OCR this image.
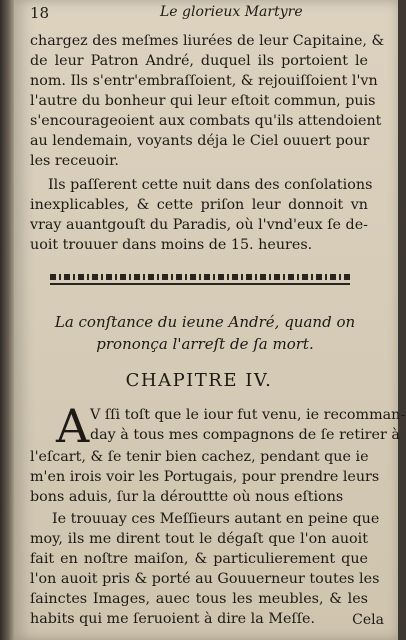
18	Le glorieux Martyre
chargez des meſmes liurées de leur Capitaine, &
de leur Patron André, duquel ils portoient le
nom. Ils s'entr'embraſſoient, & rejouiſſoient l'vn
l'autre du bonheur qui leur eſtoit commun, puis
s'encourageoient aux combats qu'ils attendoient
au lendemain, voyants déja le Ciel ouuert pour
les receuoir.
Ils paſſerent cette nuit dans des conſolations
inexplicables, & cette priſon leur donnoit vn
vray auantgouſt du Paradis, où l'vnd'eux ſe de-
uoit trouuer dans moins de 15. heures.
La conſtance du ieune André, quand on
prononça l'arreſt de ſa mort.
CHAPITRE IV.
A V ſſi toſt que le iour fut venu, ie recomman-
day à tous mes compagnons de ſe retirer à
l'eſcart, & ſe tenir bien cachez, pendant que ie
m'en irois voir les Portugais, pour prendre leurs
bons aduis, ſur la dérouttte où nous eſtions
Ie trouuay ces Meſſieurs autant en peine que
moy, ils me dirent tout le dégaſt que l'on auoit
fait en noſtre maiſon, & particulierement que
l'on auoit pris & porté au Gouuerneur toutes les
ſainctes Images, auec tous les meubles, & les
habits qui me ſeruoient à dire la Meſſe.	Cela
